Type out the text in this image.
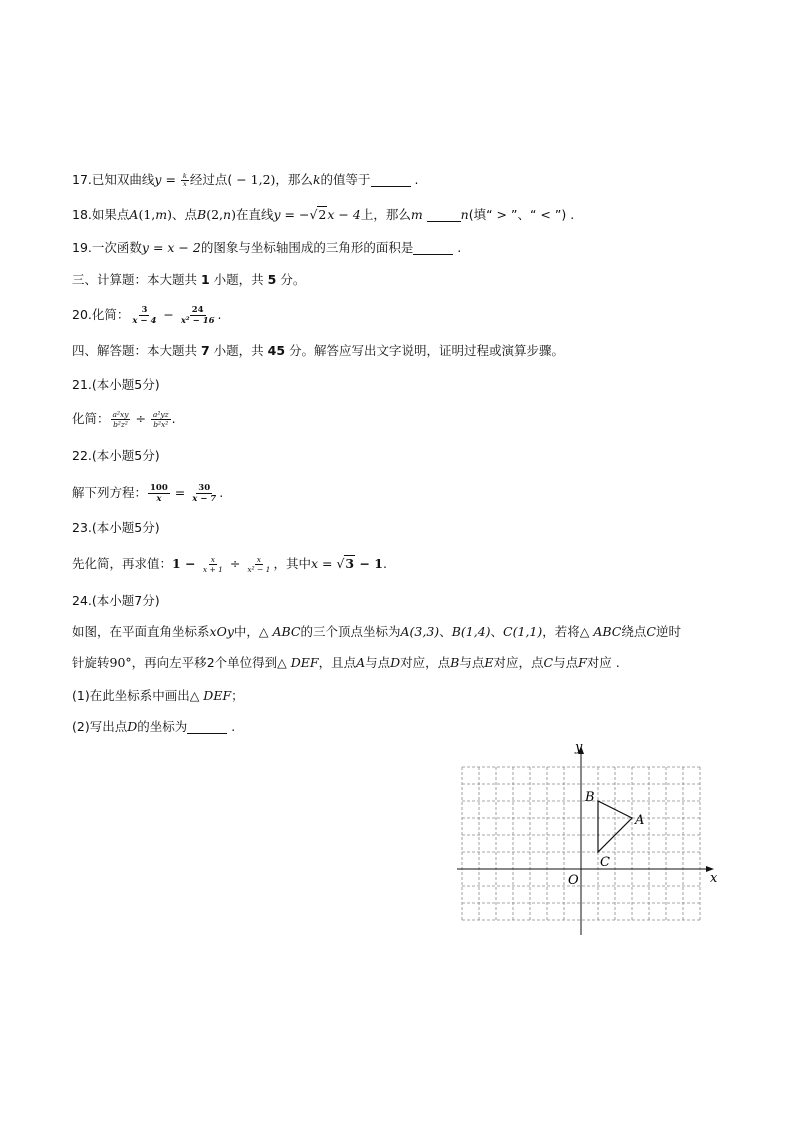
17.已知双曲线$y = \frac{k}{x}$ 经过点( − 1,2)，那么k的值等于	.
18.如果点A(1,m)、点B(2,n)在直线y = −√2x − 4上，那么m	n(填“ > ”、“ < ”) .
19.一次函数y = x − 2的图象与坐标轴围成的三角形的面积是	.
三、计算题：本大题共 1 小题，共 5 分。
20.化简： $\frac{3}{x - 4} - \frac{24}{\text{x² − 16}}$ .
四、解答题：本大题共 7 小题，共 45 分。解答应写出文字说明，证明过程或演算步骤。
21.(本小题5分)
化简： $\frac{\text{a²xy}}{\text{b²z²}} \div \frac{\text{a²yz}}{\text{b²x²}}$ .
22.(本小题5分)
解下列方程： $\frac{100}{x} = \frac{30}{x - 7}$ .
23.(本小题5分)
先化简，再求值：$1 - \frac{x}{x + 1} \div \frac{x}{\text{x² − 1}}$ ，其中x = √3 − 1.
24.(本小题7分)
如图，在平面直角坐标系xOy中，△ ABC的三个顶点坐标为A(3,3)、B(1,4)、C(1,1)，若将△ ABC绕点C逆时
针旋转90°，再向左平移2个单位得到△ DEF，且点A与点D对应，点B与点E对应，点C与点F对应 .
(1)在此坐标系中画出△ DEF；
(2)写出点D的坐标为	.
x
y
O
A
B
C
